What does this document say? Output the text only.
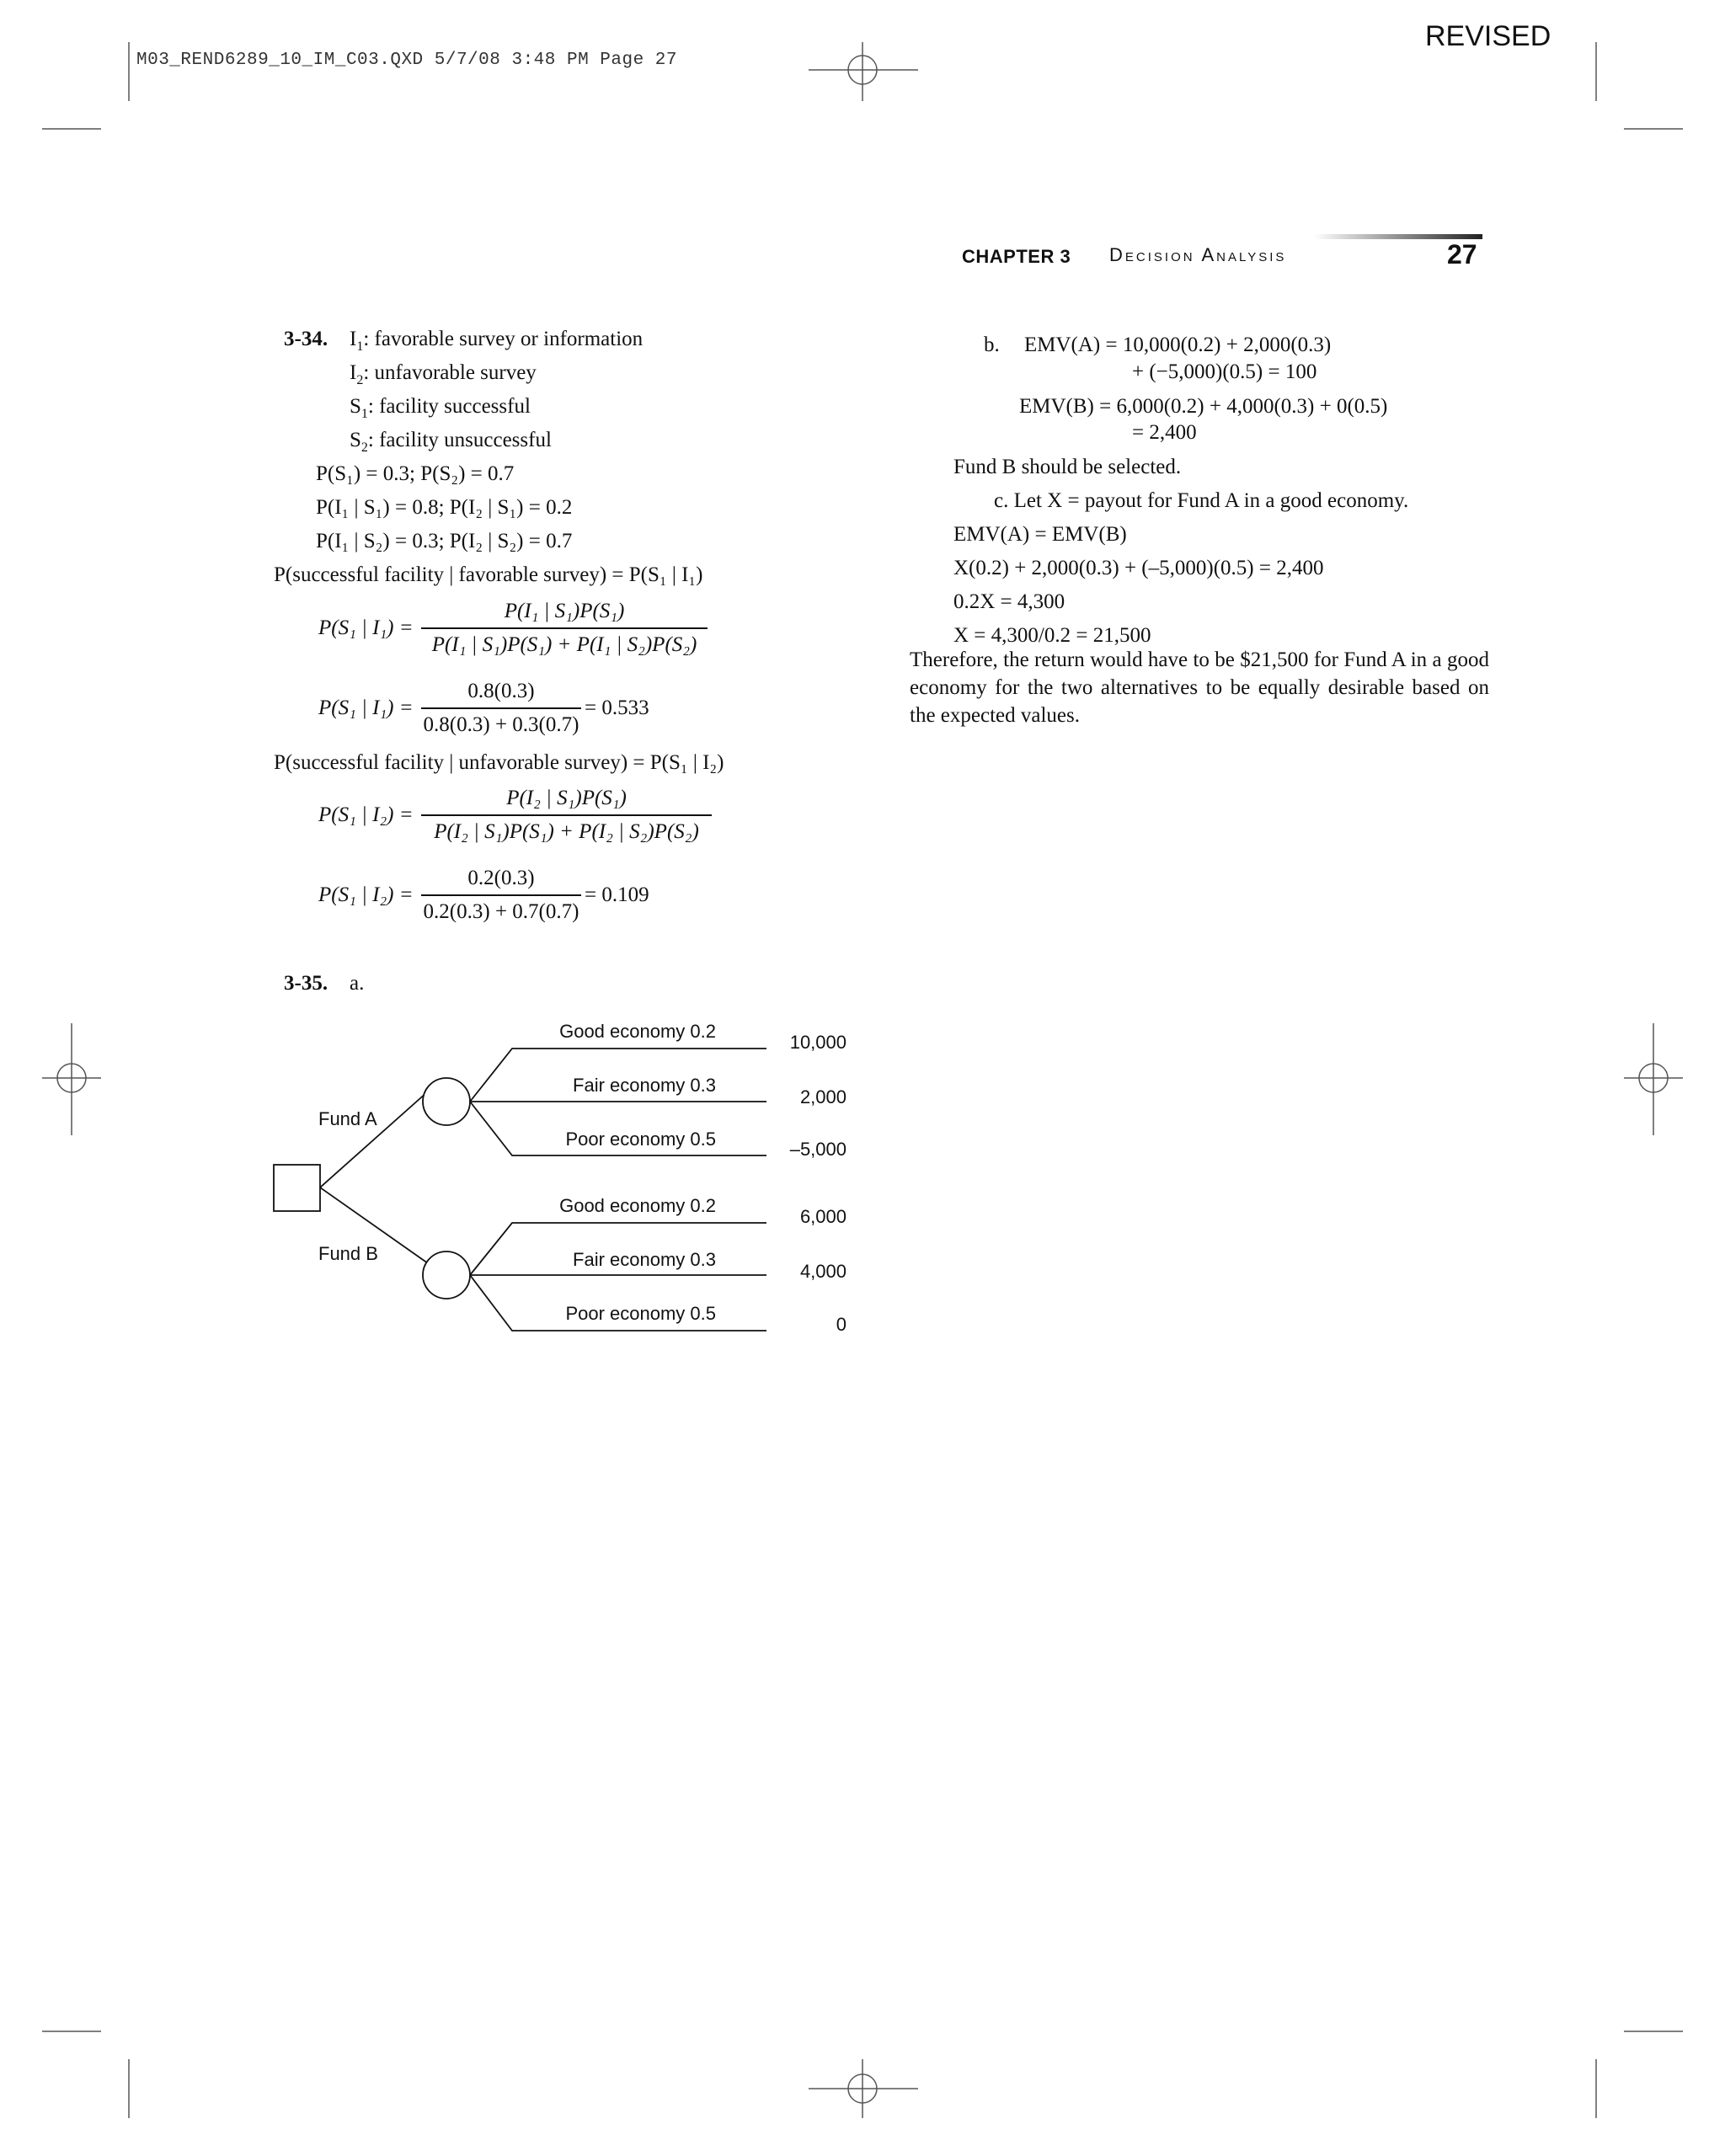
M03_REND6289_10_IM_C03.QXD 5/7/08 3:48 PM Page 27
REVISED
CHAPTER 3 Decision Analysis	27
3-34. $I_1$: favorable survey or information
$I_2$: unfavorable survey
$S_1$: facility successful
$S_2$: facility unsuccessful
P(S₁) = 0.3; P(S₂) = 0.7
P(I₁ | S₁) = 0.8; P(I₂ | S₁) = 0.2
P(I₁ | S₂) = 0.3; P(I₂ | S₂) = 0.7
P(successful facility | favorable survey) = P(S₁ | I₁)
P(S₁ | I₁) =
P(I₁ | S₁)P(S₁)
P(I₁ | S₁)P(S₁) + P(I₁ | S₂)P(S₂)
P(S₁ | I₁) =
0.8(0.3)
0.8(0.3) + 0.3(0.7)
= 0.533
P(successful facility | unfavorable survey) = P(S₁ | I₂)
P(S₁ | I₂) =
P(I₂ | S₁)P(S₁)
P(I₂ | S₁)P(S₁) + P(I₂ | S₂)P(S₂)
P(S₁ | I₂) =
0.2(0.3)
0.2(0.3) + 0.7(0.7)
= 0.109
3-35. a.
Fund A
Fund B
Good economy 0.2
Fair economy 0.3
Poor economy 0.5
Good economy 0.2
Fair economy 0.3
Poor economy 0.5
10,000
2,000
–5,000
6,000
4,000
0
b. EMV(A) = 10,000(0.2) + 2,000(0.3)
+ (−5,000)(0.5) = 100
EMV(B) = 6,000(0.2) + 4,000(0.3) + 0(0.5)
= 2,400
Fund B should be selected.
c. Let X = payout for Fund A in a good economy.
EMV(A) = EMV(B)
X(0.2) + 2,000(0.3) + (–5,000)(0.5) = 2,400
0.2X = 4,300
X = 4,300/0.2 = 21,500
Therefore, the return would have to be $21,500 for Fund A in a good economy for the two alternatives to be equally desirable based on the expected values.
